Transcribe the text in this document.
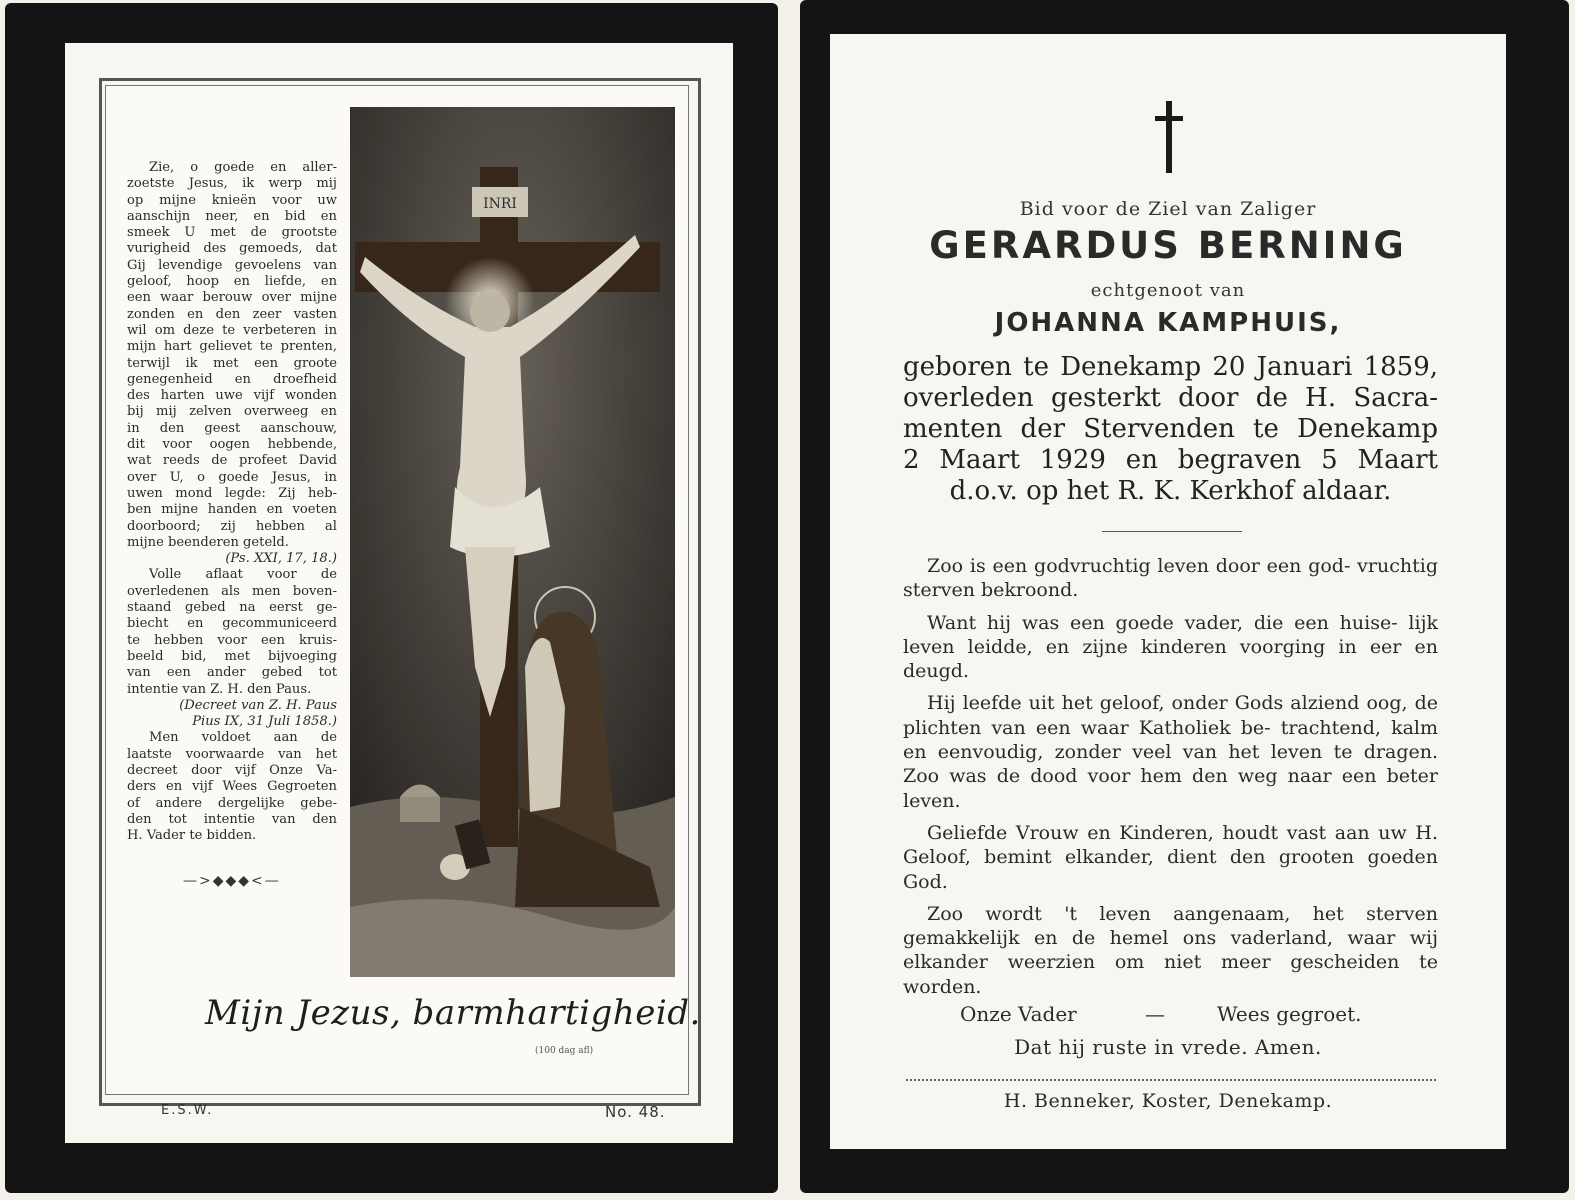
Zie, o goede en aller-
zoetste Jesus, ik werp mij
op mijne knieën voor uw
aanschijn neer, en bid en
smeek U met de grootste
vurigheid des gemoeds, dat
Gij levendige gevoelens van
geloof, hoop en liefde, en
een waar berouw over mijne
zonden en den zeer vasten
wil om deze te verbeteren in
mijn hart gelievet te prenten,
terwijl ik met een groote
genegenheid en droefheid
des harten uwe vijf wonden
bij mij zelven overweeg en
in den geest aanschouw,
dit voor oogen hebbende,
wat reeds de profeet David
over U, o goede Jesus, in
uwen mond legde: Zij heb-
ben mijne handen en voeten
doorboord; zij hebben al
mijne beenderen geteld.

(Ps. XXI, 17, 18.)

Volle aflaat voor de
overledenen als men boven-
staand gebed na eerst ge-
biecht en gecommuniceerd
te hebben voor een kruis-
beeld bid, met bijvoeging
van een ander gebed tot
intentie van Z. H. den Paus.

(Decreet van Z. H. Paus

Pius IX, 31 Juli 1858.)

Men voldoet aan de
laatste voorwaarde van het
decreet door vijf Onze Va-
ders en vijf Wees Gegroeten
of andere dergelijke gebe-
den tot intentie van den
H. Vader te bidden.
—>◆◆◆<—
INRI
Mijn Jezus, barmhartigheid.
(100 dag afl)
E.S.W.	No. 48.
Bid voor de Ziel van Zaliger
GERARDUS BERNING
echtgenoot van
JOHANNA KAMPHUIS,
geboren te Denekamp 20 Januari 1859,
overleden gesterkt door de H. Sacra-
menten der Stervenden te Denekamp
2 Maart 1929 en begraven 5 Maart
d.o.v. op het R. K. Kerkhof aldaar.

Zoo is een godvruchtig leven door een god- vruchtig sterven bekroond.

Want hij was een goede vader, die een huise- lijk leven leidde, en zijne kinderen voorging in eer en deugd.

Hij leefde uit het geloof, onder Gods alziend oog, de plichten van een waar Katholiek be- trachtend, kalm en eenvoudig, zonder veel van het leven te dragen. Zoo was de dood voor hem den weg naar een beter leven.

Geliefde Vrouw en Kinderen, houdt vast aan uw H. Geloof, bemint elkander, dient den grooten goeden God.

Zoo wordt 't leven aangenaam, het sterven gemakkelijk en de hemel ons vaderland, waar wij elkander weerzien om niet meer gescheiden te worden.

Onze Vader	—	Wees gegroet.
Dat hij ruste in vrede. Amen.
H. Benneker, Koster, Denekamp.
